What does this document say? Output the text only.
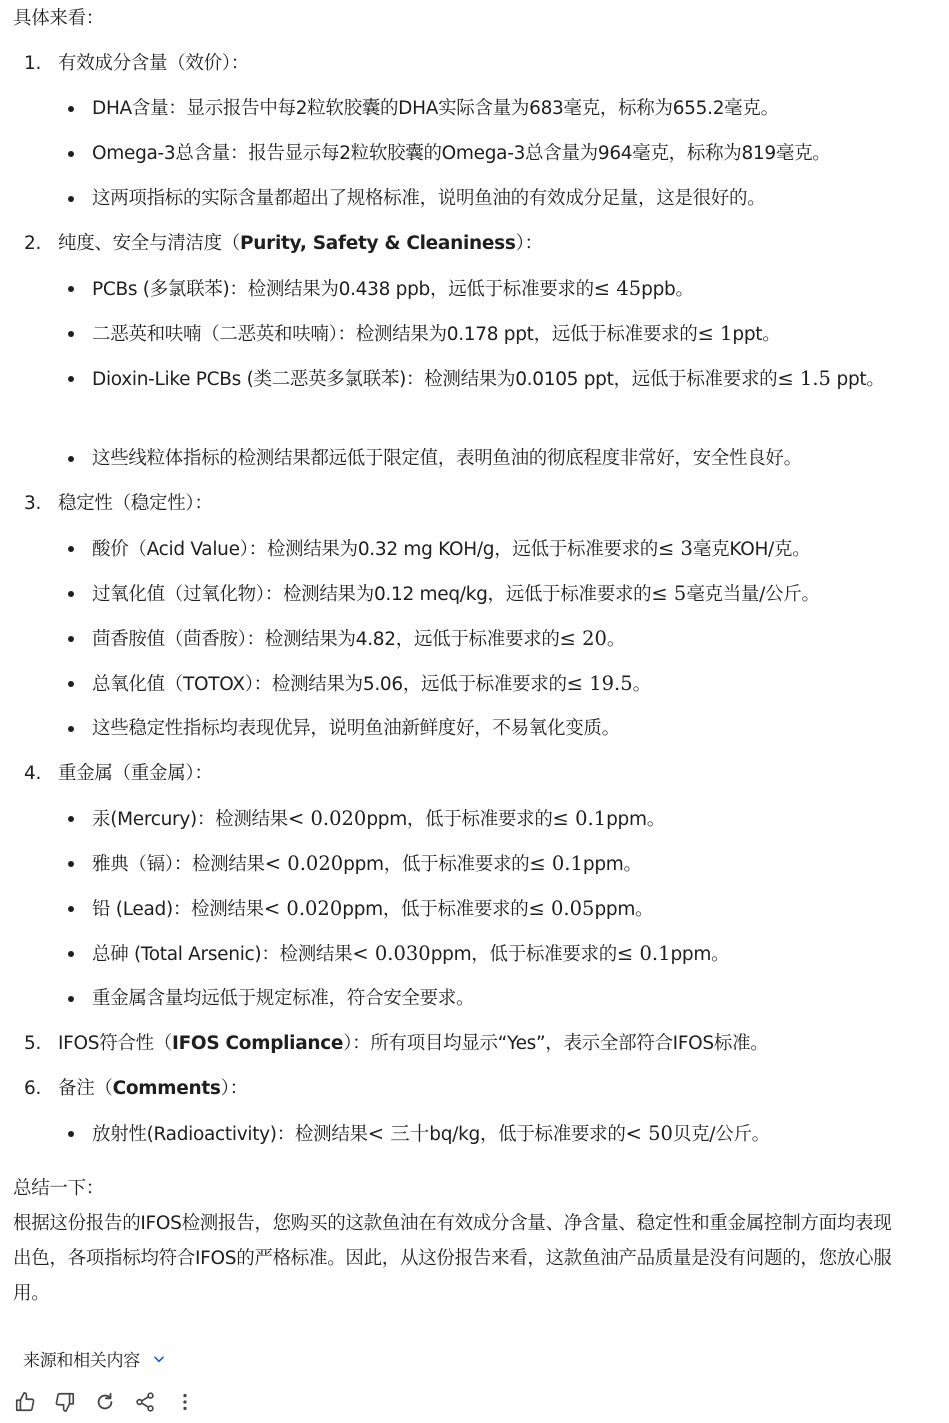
具体来看：
1. 有效成分含量（效价）：
DHA含量：显示报告中每2粒软胶囊的DHA实际含量为683毫克，标称为655.2毫克。
Omega-3总含量：报告显示每2粒软胶囊的Omega-3总含量为964毫克，标称为819毫克。
这两项指标的实际含量都超出了规格标准，说明鱼油的有效成分足量，这是很好的。
2. 纯度、安全与清洁度（Purity, Safety & Cleaniness）：
PCBs (多氯联苯)：检测结果为0.438 ppb，远低于标准要求的≤ 45ppb。
二恶英和呋喃（二恶英和呋喃）：检测结果为0.178 ppt，远低于标准要求的≤ 1ppt。
Dioxin-Like PCBs (类二恶英多氯联苯)：检测结果为0.0105 ppt，远低于标准要求的≤ 1.5 ppt。
这些线粒体指标的检测结果都远低于限定值，表明鱼油的彻底程度非常好，安全性良好。
3. 稳定性（稳定性）：
酸价（Acid Value）：检测结果为0.32 mg KOH/g，远低于标准要求的≤ 3毫克KOH/克。
过氧化值（过氧化物）：检测结果为0.12 meq/kg，远低于标准要求的≤ 5毫克当量/公斤。
茴香胺值（茴香胺）：检测结果为4.82，远低于标准要求的≤ 20。
总氧化值（TOTOX）：检测结果为5.06，远低于标准要求的≤ 19.5。
这些稳定性指标均表现优异，说明鱼油新鲜度好，不易氧化变质。
4. 重金属（重金属）：
汞(Mercury)：检测结果< 0.020ppm，低于标准要求的≤ 0.1ppm。
雅典（镉）：检测结果< 0.020ppm，低于标准要求的≤ 0.1ppm。
铅 (Lead)：检测结果< 0.020ppm，低于标准要求的≤ 0.05ppm。
总砷 (Total Arsenic)：检测结果< 0.030ppm，低于标准要求的≤ 0.1ppm。
重金属含量均远低于规定标准，符合安全要求。
5. IFOS符合性（IFOS Compliance）：所有项目均显示“Yes”，表示全部符合IFOS标准。
6. 备注（Comments）：
放射性(Radioactivity)：检测结果< 三十bq/kg，低于标准要求的< 50贝克/公斤。
总结一下：
根据这份报告的IFOS检测报告，您购买的这款鱼油在有效成分含量、净含量、稳定性和重金属控制方面均表现出色，各项指标均符合IFOS的严格标准。因此，从这份报告来看，这款鱼油产品质量是没有问题的，您放心服用。
来源和相关内容
